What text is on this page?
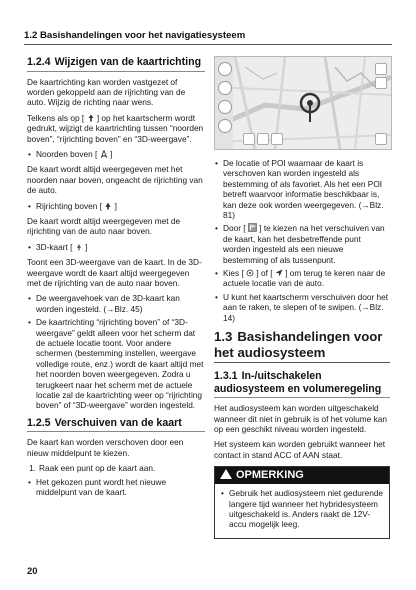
1.2 Basishandelingen voor het navigatiesysteem
1.2.4 Wijzigen van de kaartrichting

De kaartrichting kan worden vastgezet of worden gekoppeld aan de rijrichting van de auto. Wijzig de richting naar wens.

Telkens als op [ ] op het kaartscherm wordt gedrukt, wijzigt de kaartrichting tussen “noorden boven”, “rijrichting boven” en “3D-weergave”.

• Noorden boven [ ]

De kaart wordt altijd weergegeven met het noorden naar boven, ongeacht de rijrichting van de auto.

• Rijrichting boven [ ]

De kaart wordt altijd weergegeven met de rijrichting van de auto naar boven.

• 3D-kaart [ ]

Toont een 3D-weergave van de kaart. In de 3D-weergave wordt de kaart altijd weergegeven met de rijrichting van de auto naar boven.

• De weergavehoek van de 3D-kaart kan worden ingesteld. (→Blz. 45)
• De kaartrichting “rijrichting boven” of “3D-weergave” geldt alleen voor het scherm dat de actuele locatie toont. Voor andere schermen (bestemming instellen, weergave volledige route, enz.) wordt de kaart altijd met het noorden boven weergegeven. Zodra u terugkeert naar het scherm met de actuele locatie zal de kaartrichting weer op “rijrichting boven” of “3D-weergave” worden ingesteld.
1.2.5 Verschuiven van de kaart

De kaart kan worden verschoven door een nieuw middelpunt te kiezen.

1. Raak een punt op de kaart aan.
• Het gekozen punt wordt het nieuwe middelpunt van de kaart.
• De locatie of POI waarnaar de kaart is verschoven kan worden ingesteld als bestemming of als favoriet. Als het een POI betreft waarvoor informatie beschikbaar is, kan deze ook worden weergegeven. (→Blz. 81)
• Door [ ] te kiezen na het verschuiven van de kaart, kan het desbetreffende punt worden ingesteld als een nieuwe bestemming of als tussenpunt.
• Kies [ ] of [ ] om terug te keren naar de actuele locatie van de auto.
• U kunt het kaartscherm verschuiven door het aan te raken, te slepen of te swipen. (→Blz. 14)
1.3 Basishandelingen voor het audiosysteem
1.3.1 In-/uitschakelen audiosysteem en volumeregeling

Het audiosysteem kan worden uitgeschakeld wanneer dit niet in gebruik is of het volume kan op een geschikt niveau worden ingesteld.

Het systeem kan worden gebruikt wanneer het contact in stand ACC of AAN staat.

OPMERKING
• Gebruik het audiosysteem niet gedurende langere tijd wanneer het hybridesysteem uitgeschakeld is. Anders raakt de 12V-accu mogelijk leeg.
20
